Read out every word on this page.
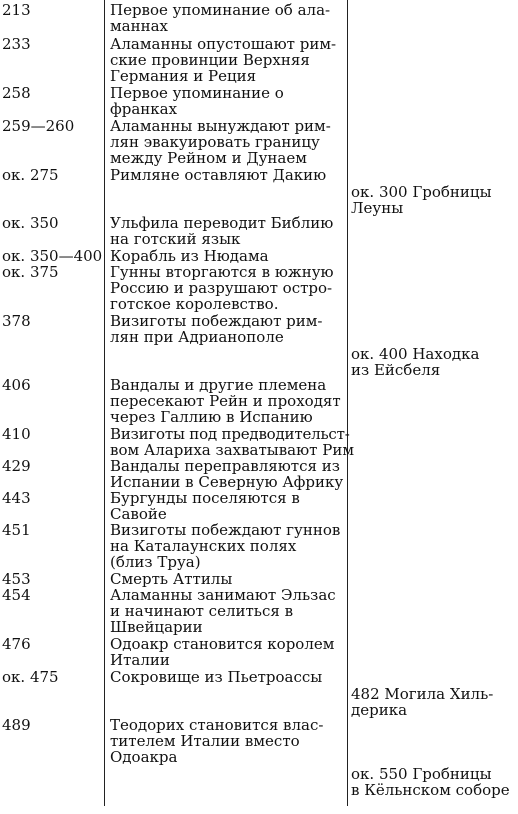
213	Первое упоминание об ала-
маннах
233	Аламанны опустошают рим-
ские провинции Верхняя
Германия и Реция
258	Первое упоминание о
франках
259—260 Аламанны вынуждают рим-
лян эвакуировать границу
между Рейном и Дунаем
ок. 275	Римляне оставляют Дакию
ок. 300 Гробницы
Леуны
ок. 350	Ульфила переводит Библию
на готский язык
ок. 350—400 Корабль из Нюдама
ок. 375	Гунны вторгаются в южную
Россию и разрушают остро-
готское королевство.
378	Визиготы побеждают рим-
лян при Адрианополе
ок. 400 Находка
из Ейсбеля
406	Вандалы и другие племена
пересекают Рейн и проходят
через Галлию в Испанию
410	Визиготы под предводительст-
вом Алариха захватывают Рим
429	Вандалы переправляются из
Испании в Северную Африку
443	Бургунды поселяются в
Савойе
451	Визиготы побеждают гуннов
на Каталаунских полях
(близ Труа)
453	Смерть Аттилы
454	Аламанны занимают Эльзас
и начинают селиться в
Швейцарии
476	Одоакр становится королем
Италии
ок. 475	Сокровище из Пьетроассы
482 Могила Хиль-
дерика
489	Теодорих становится влас-
тителем Италии вместо
Одоакра
ок. 550 Гробницы
в Кёльнском соборе
